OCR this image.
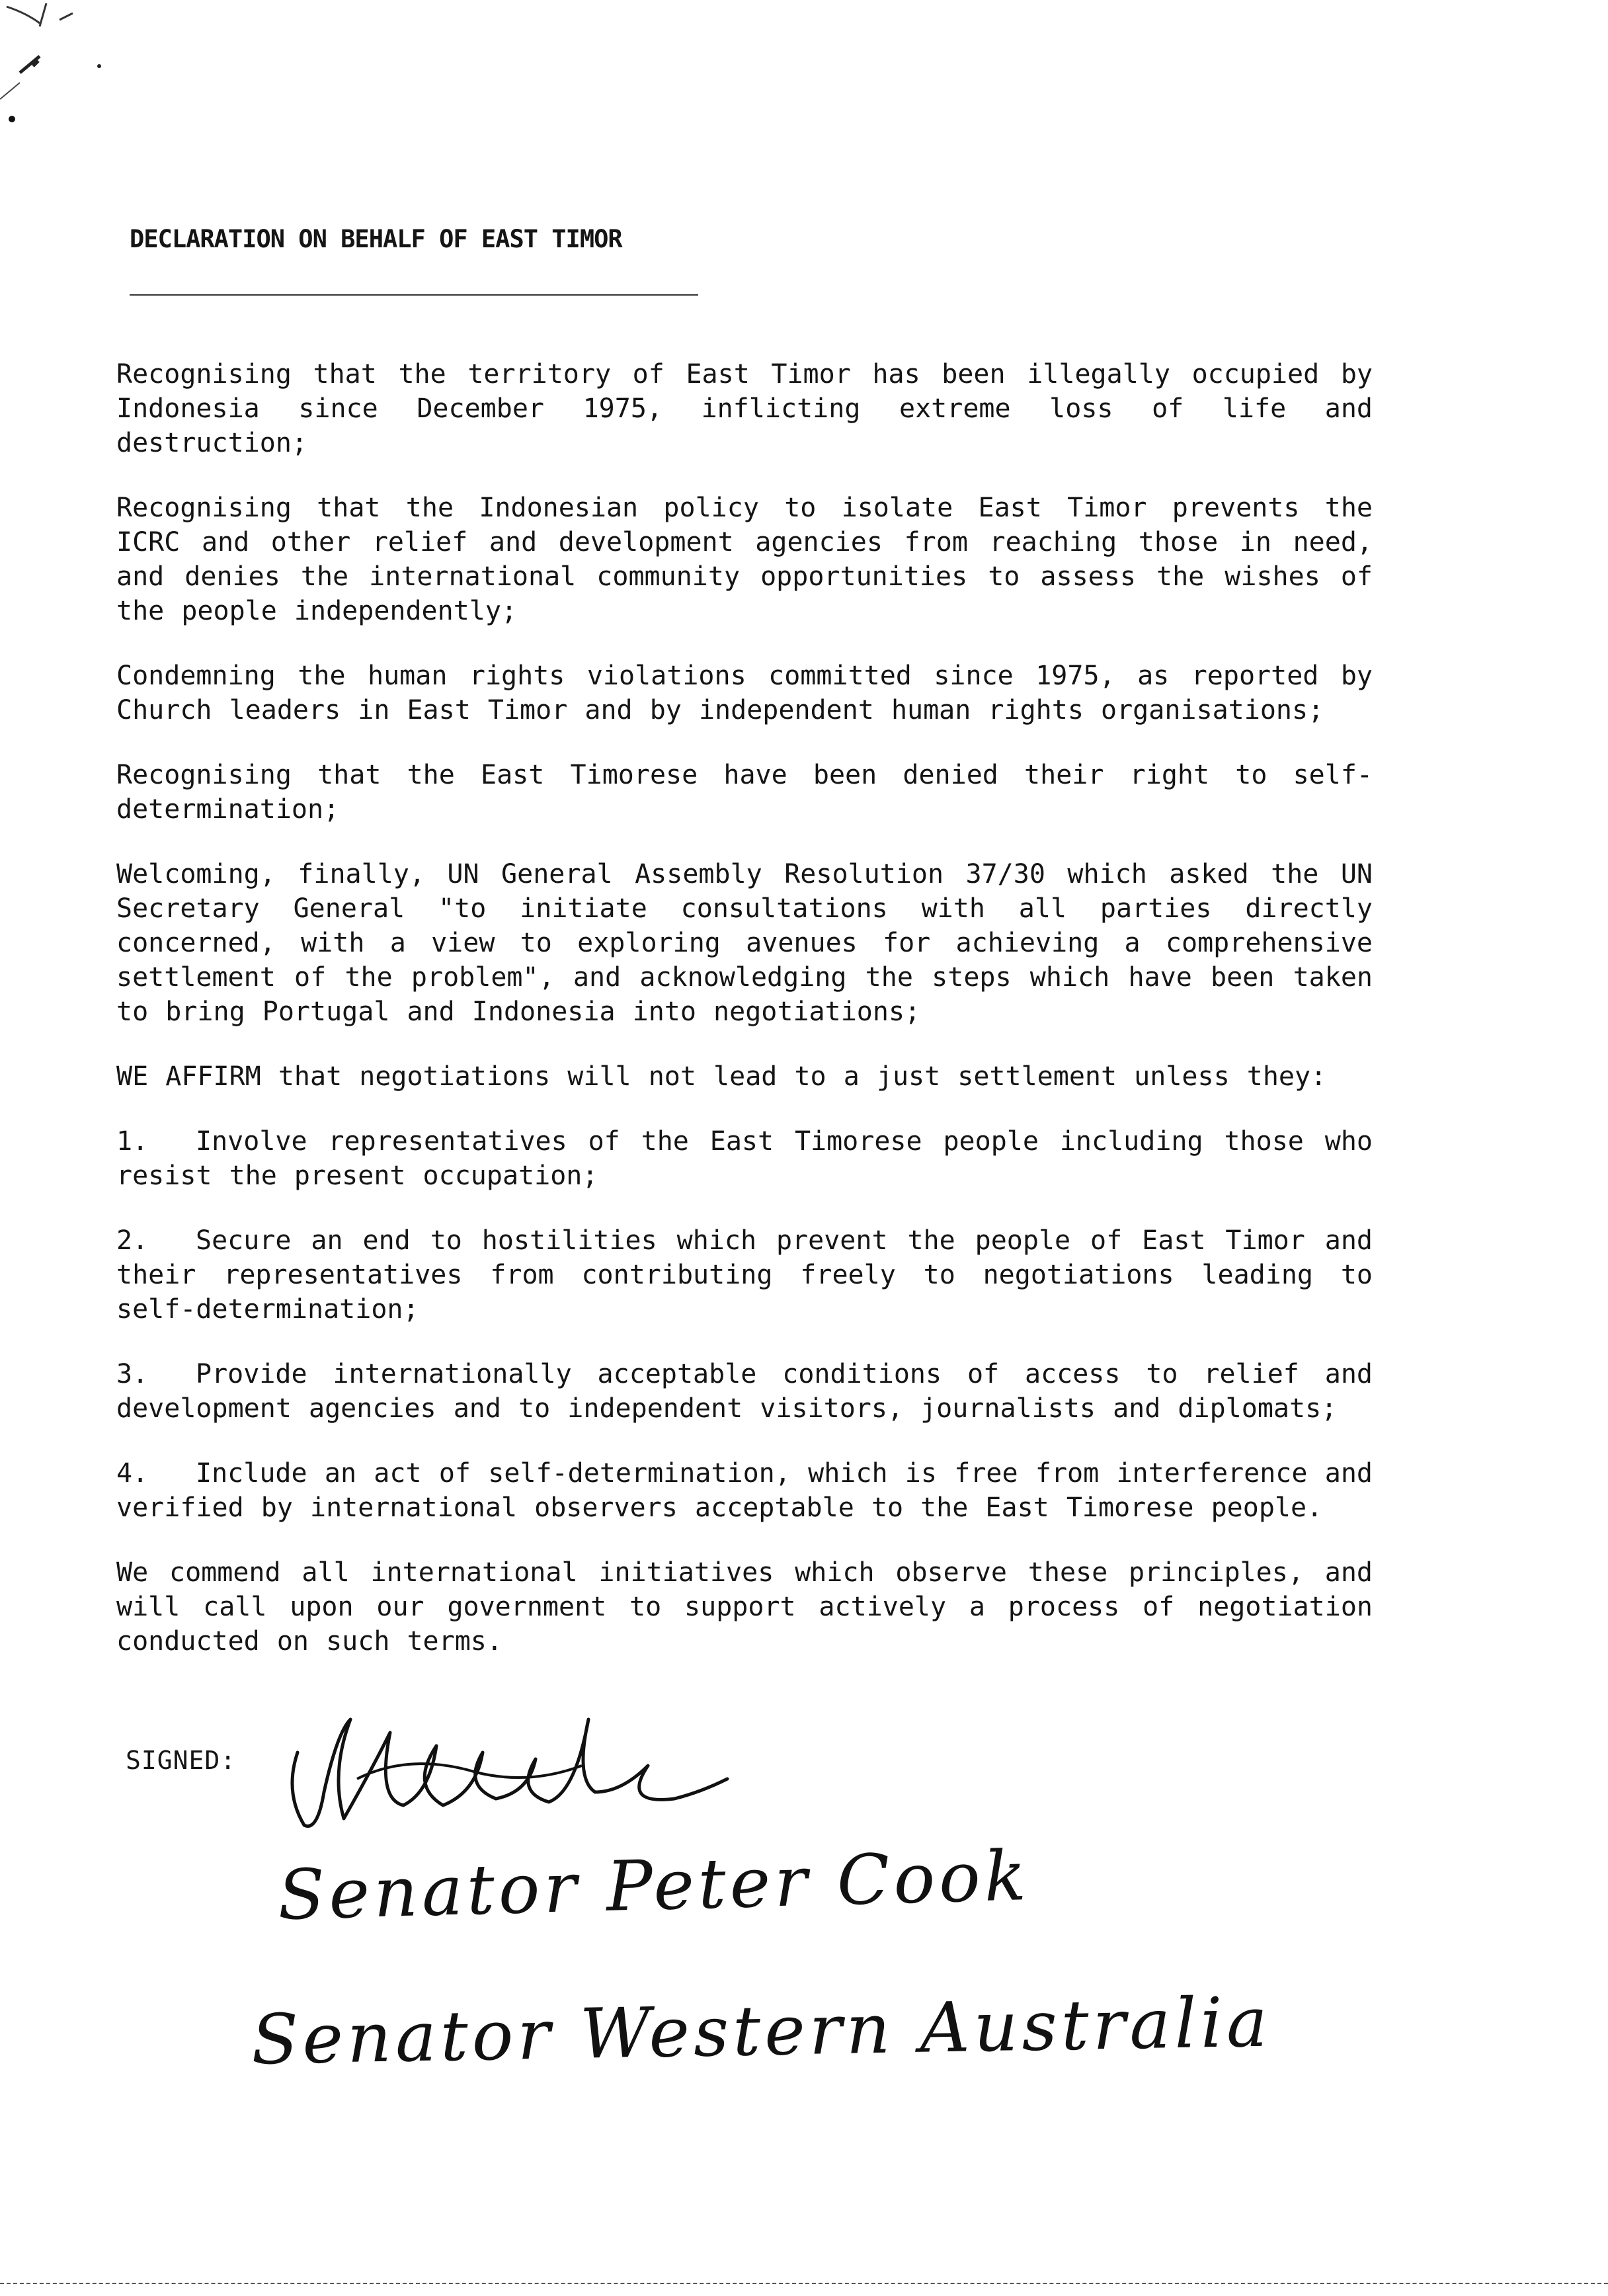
DECLARATION ON BEHALF OF EAST TIMOR

Recognising that the territory of East Timor has been illegally occupied by Indonesia since December 1975, inflicting extreme loss of life and destruction;

Recognising that the Indonesian policy to isolate East Timor prevents the ICRC and other relief and development agencies from reaching those in need, and denies the international community opportunities to assess the wishes of the people independently;

Condemning the human rights violations committed since 1975, as reported by Church leaders in East Timor and by independent human rights organisations;

Recognising that the East Timorese have been denied their right to self-determination;

Welcoming, finally, UN General Assembly Resolution 37/30 which asked the UN Secretary General "to initiate consultations with all parties directly concerned, with a view to exploring avenues for achieving a comprehensive settlement of the problem", and acknowledging the steps which have been taken to bring Portugal and Indonesia into negotiations;

WE AFFIRM that negotiations will not lead to a just settlement unless they:

1. Involve representatives of the East Timorese people including those who resist the present occupation;

2. Secure an end to hostilities which prevent the people of East Timor and their representatives from contributing freely to negotiations leading to self-determination;

3. Provide internationally acceptable conditions of access to relief and development agencies and to independent visitors, journalists and diplomats;

4. Include an act of self-determination, which is free from interference and verified by international observers acceptable to the East Timorese people.

We commend all international initiatives which observe these principles, and will call upon our government to support actively a process of negotiation conducted on such terms.

SIGNED:
Senator Peter Cook
Senator Western Australia
